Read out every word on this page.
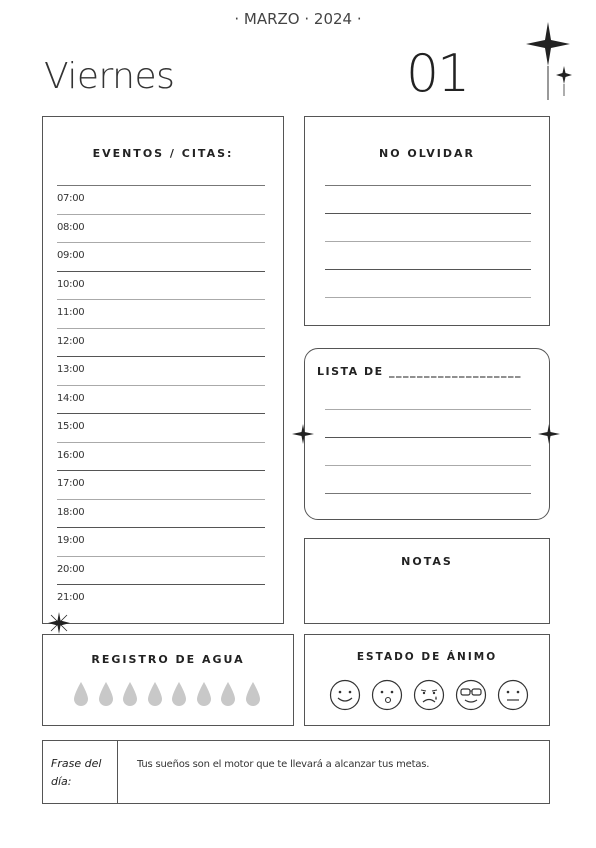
· MARZO · 2024 ·
Viernes	01
EVENTOS / CITAS:
07:00
08:00
09:00
10:00
11:00
12:00
13:00
14:00
15:00
16:00
17:00
18:00
19:00
20:00
21:00
NO OLVIDAR
LISTA DE ___________________
NOTAS
REGISTRO DE AGUA	ESTADO DE ÁNIMO
Frase del día:
Tus sueños son el motor que te llevará a alcanzar tus metas.
